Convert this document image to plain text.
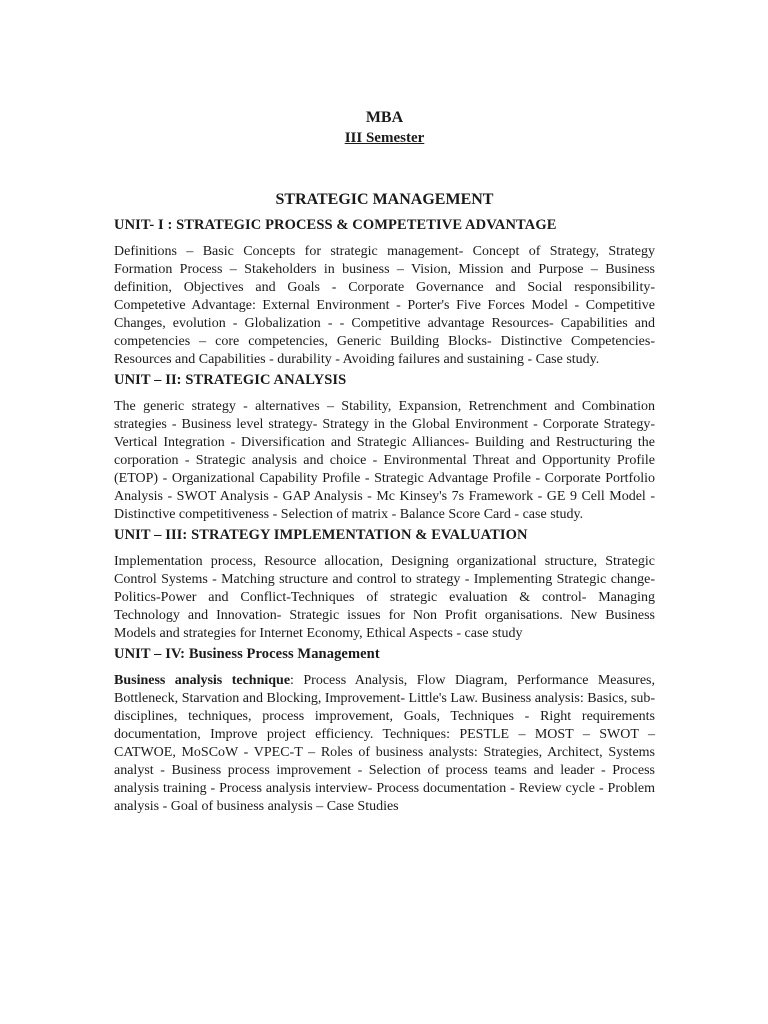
MBA

III Semester

STRATEGIC MANAGEMENT

UNIT- I : STRATEGIC PROCESS & COMPETETIVE ADVANTAGE

Definitions – Basic Concepts for strategic management- Concept of Strategy, Strategy Formation Process – Stakeholders in business – Vision, Mission and Purpose – Business definition, Objectives and Goals - Corporate Governance and Social responsibility- Competetive Advantage: External Environment - Porter's Five Forces Model - Competitive Changes, evolution - Globalization - - Competitive advantage Resources- Capabilities and competencies – core competencies, Generic Building Blocks- Distinctive Competencies-Resources and Capabilities - durability - Avoiding failures and sustaining - Case study.

UNIT – II: STRATEGIC ANALYSIS

The generic strategy - alternatives – Stability, Expansion, Retrenchment and Combination strategies - Business level strategy- Strategy in the Global Environment - Corporate Strategy- Vertical Integration - Diversification and Strategic Alliances- Building and Restructuring the corporation - Strategic analysis and choice - Environmental Threat and Opportunity Profile (ETOP) - Organizational Capability Profile - Strategic Advantage Profile - Corporate Portfolio Analysis - SWOT Analysis - GAP Analysis - Mc Kinsey's 7s Framework - GE 9 Cell Model - Distinctive competitiveness - Selection of matrix - Balance Score Card - case study.

UNIT – III: STRATEGY IMPLEMENTATION & EVALUATION

Implementation process, Resource allocation, Designing organizational structure, Strategic Control Systems - Matching structure and control to strategy - Implementing Strategic change-Politics-Power and Conflict-Techniques of strategic evaluation & control- Managing Technology and Innovation- Strategic issues for Non Profit organisations. New Business Models and strategies for Internet Economy, Ethical Aspects - case study

UNIT – IV: Business Process Management

Business analysis technique: Process Analysis, Flow Diagram, Performance Measures, Bottleneck, Starvation and Blocking, Improvement- Little's Law. Business analysis: Basics, sub-disciplines, techniques, process improvement, Goals, Techniques - Right requirements documentation, Improve project efficiency. Techniques: PESTLE – MOST – SWOT – CATWOE, MoSCoW - VPEC-T – Roles of business analysts: Strategies, Architect, Systems analyst - Business process improvement - Selection of process teams and leader - Process analysis training - Process analysis interview- Process documentation - Review cycle - Problem analysis - Goal of business analysis – Case Studies
